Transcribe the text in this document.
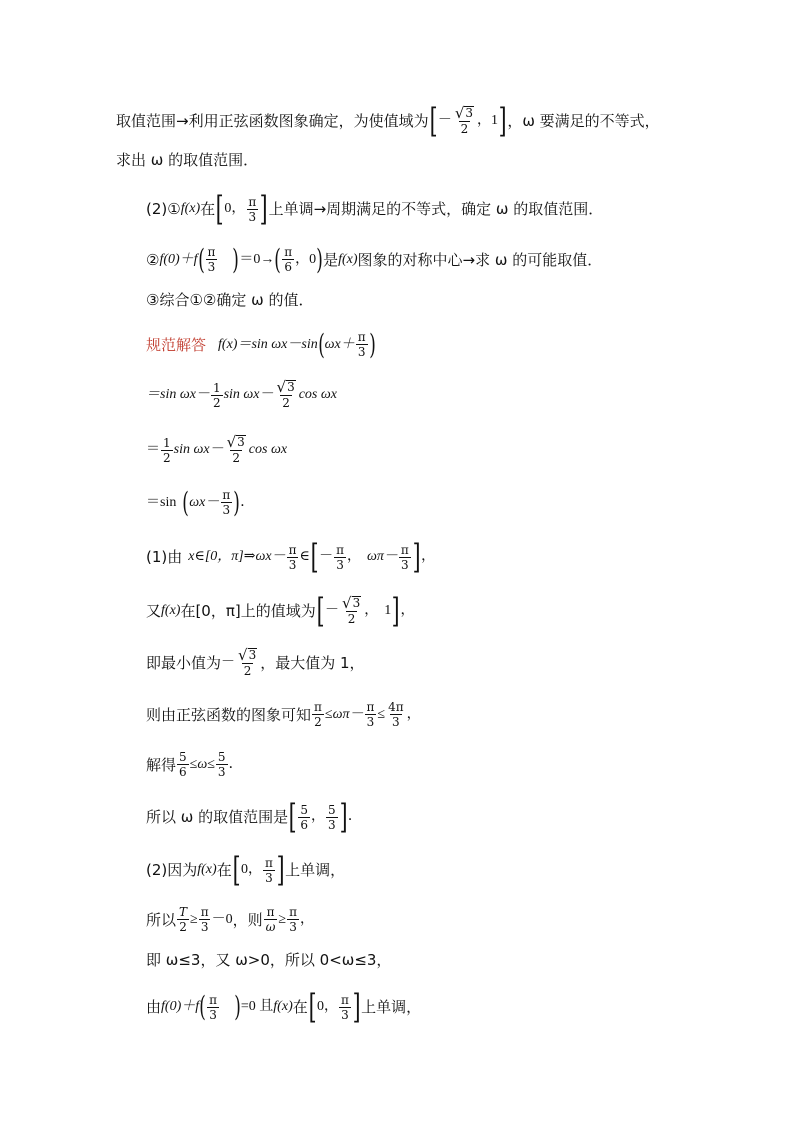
取值范围→利用正弦函数图象确定，为使值域为 [ － $\frac{√ 3}{2}$ ， 1 ] ，ω 要满足的不等式，
求出 ω 的取值范围．
(2)① f(x) 在 [ 0， $\frac{\pi}{3}$ ] 上单调→周期满足的不等式，确定 ω 的取值范围．
② f(0)＋f ( $\frac{\pi}{3}$ ) ＝0→ ( $\frac{\pi}{6}$ ， 0 ) 是 f(x) 图象的对称中心→求 ω 的可能取值．
③综合①②确定 ω 的值．
规范解答 f(x)＝sin ωx－sin ( $\omega x+ \frac{\pi}{3}$ )
＝sin $\omega x- \frac{1}{2}$ $\sin \omega x- \frac{√ 3}{2}$ cos ωx
＝ $\frac{1}{2}$ $\sin \omega x- \frac{√ 3}{2}$ cos ωx
＝sin ( $\omega x- \frac{\pi}{3}$ ) ．
(1)由 x∈[0，π]⇒ωx－ $\frac{\pi}{3}$ ∈ [ － $\frac{\pi}{3}$ ， $\omega\pi- \frac{\pi}{3}$ ] ，
又 f(x) 在[0，π]上的值域为 [ － $\frac{√ 3}{2}$ ， 1 ] ，
即最小值为 － $\frac{√ 3}{2}$ ，最大值为 1，
则由正弦函数的图象可知 $\frac{\pi}{2} \le\omega\pi- \frac{\pi}{3} \le \frac{4\pi}{3}$ ，
解得 $\frac{5}{6} \le\omega\le \frac{5}{3}$ ．
所以 ω 的取值范围是 [ $\frac{5}{6}$ ， $\frac{5}{3}$ ] ．
(2)因为 f(x) 在 [ 0， $\frac{\pi}{3}$ ] 上单调，
所以 $\frac{T}{2} \ge \frac{\pi}{3} -0$ ，则 $\frac{\pi}{\omega} \ge \frac{\pi}{3}$ ，
即 ω≤3，又 ω>0，所以 0<ω≤3，
由 f(0)＋f ( $\frac{\pi}{3}$ ) =0 且 f(x) 在 [ 0， $\frac{\pi}{3}$ ] 上单调，
